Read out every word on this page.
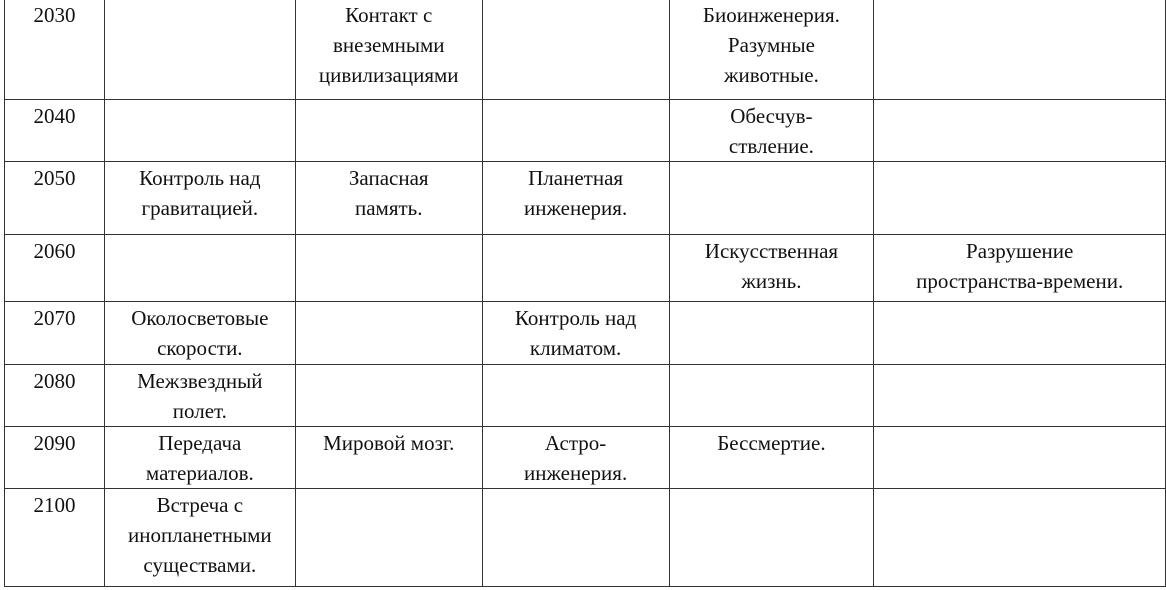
2030		Контакт с
внеземными
цивилизациями		Биоинженерия.
Разумные
животные.	

2040				Обесчув-
ствление.	

2050	Контроль над
гравитацией.	Запасная
память.	Планетная
инженерия.		

2060				Искусственная
жизнь.	Разрушение
пространства-времени.

2070	Околосветовые
скорости.		Контроль над
климатом.		

2080	Межзвездный
полет.				

2090	Передача
материалов.	Мировой мозг.	Астро-
инженерия.	Бессмертие.	

2100	Встреча с
инопланетными
существами.				
